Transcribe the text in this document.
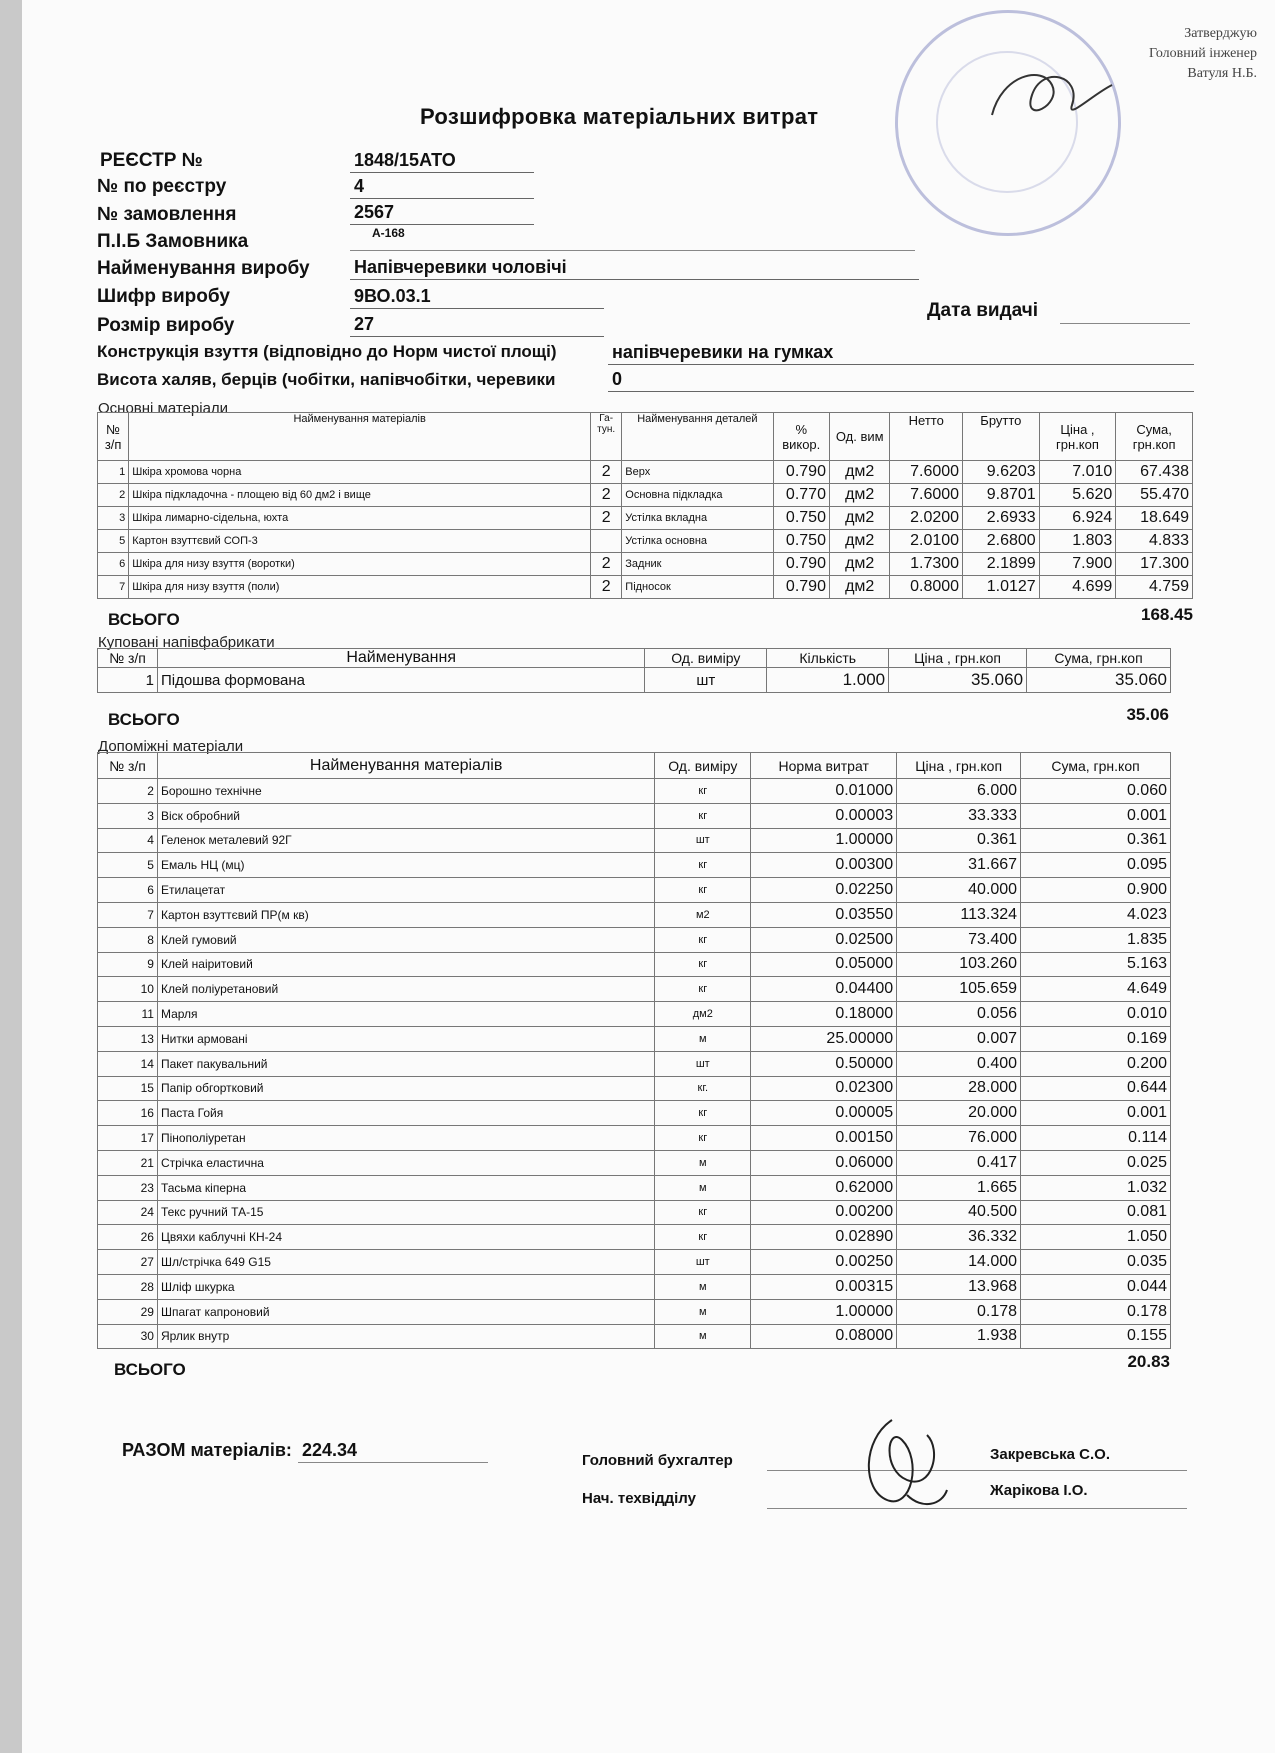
Затверджую
Головний інженер
Ватуля Н.Б.
Розшифровка матеріальних витрат
РЕЄСТР №	1848/15АТО
№ по реєстру	4
№ замовлення	2567
П.І.Б Замовника	А-168
Найменування виробу Напівчеревики чоловічі
Шифр виробу	9ВО.03.1
Дата видачі
Розмір виробу	27
Конструкція взуття (відповідно до Норм чистої площі)	напівчеревики на гумках
Висота халяв, берців (чобітки, напівчобітки, черевики	0
Основні матеріали
№ з/п	Найменування матеріалів	Га-тун.	Найменування деталей	% викор.	Од. вим	Нетто	Брутто	Ціна , грн.коп	Сума, грн.коп
1	Шкіра хромова чорна	2	Верх	0.790	дм2	7.6000	9.6203	7.010	67.438
2	Шкіра підкладочна - площею від 60 дм2 і вище	2	Основна підкладка	0.770	дм2	7.6000	9.8701	5.620	55.470
3	Шкіра лимарно-сідельна, юхта	2	Устілка вкладна	0.750	дм2	2.0200	2.6933	6.924	18.649
5	Картон взуттєвий СОП-3		Устілка основна	0.750	дм2	2.0100	2.6800	1.803	4.833
6	Шкіра для низу взуття (воротки)	2	Задник	0.790	дм2	1.7300	2.1899	7.900	17.300
7	Шкіра для низу взуття (поли)	2	Підносок	0.790	дм2	0.8000	1.0127	4.699	4.759
ВСЬОГО	168.45
Куповані напівфабрикати
№ з/п	Найменування	Од. виміру	Кількість	Ціна , грн.коп	Сума, грн.коп
1	Підошва формована	шт	1.000	35.060	35.060
ВСЬОГО	35.06
Допоміжні матеріали
№ з/п	Найменування матеріалів	Од. виміру	Норма витрат	Ціна , грн.коп	Сума, грн.коп
2	Борошно технічне	кг	0.01000	6.000	0.060
3	Віск обробний	кг	0.00003	33.333	0.001
4	Геленок металевий 92Г	шт	1.00000	0.361	0.361
5	Емаль НЦ (мц)	кг	0.00300	31.667	0.095
6	Етилацетат	кг	0.02250	40.000	0.900
7	Картон взуттєвий ПР(м кв)	м2	0.03550	113.324	4.023
8	Клей гумовий	кг	0.02500	73.400	1.835
9	Клей наіритовий	кг	0.05000	103.260	5.163
10	Клей поліуретановий	кг	0.04400	105.659	4.649
11	Марля	дм2	0.18000	0.056	0.010
13	Нитки армовані	м	25.00000	0.007	0.169
14	Пакет пакувальний	шт	0.50000	0.400	0.200
15	Папір обгортковий	кг.	0.02300	28.000	0.644
16	Паста Гойя	кг	0.00005	20.000	0.001
17	Пінополіуретан	кг	0.00150	76.000	0.114
21	Стрічка еластична	м	0.06000	0.417	0.025
23	Тасьма кіперна	м	0.62000	1.665	1.032
24	Текс ручний ТА-15	кг	0.00200	40.500	0.081
26	Цвяхи каблучні КН-24	кг	0.02890	36.332	1.050
27	Шл/стрічка 649 G15	шт	0.00250	14.000	0.035
28	Шліф шкурка	м	0.00315	13.968	0.044
29	Шпагат капроновий	м	1.00000	0.178	0.178
30	Ярлик внутр	м	0.08000	1.938	0.155
ВСЬОГО	20.83
РАЗОМ матеріалів: 224.34
Головний бухгалтер	Закревська С.О.
Нач. техвідділу	Жарікова І.О.
